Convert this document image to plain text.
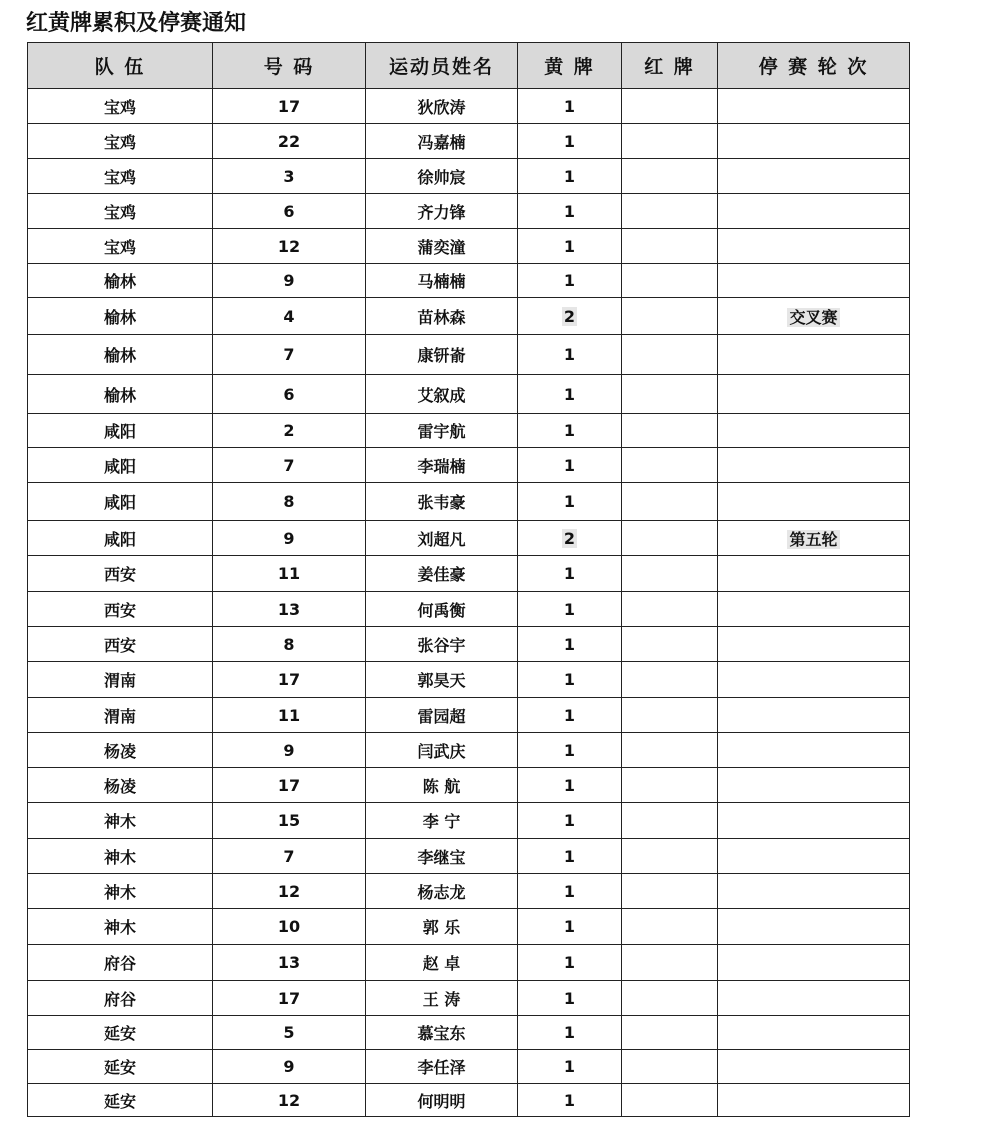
红黄牌累积及停赛通知
队 伍	号 码	运动员姓名	黄 牌	红 牌	停 赛 轮 次
宝鸡	17	狄欣涛	1		
宝鸡	22	冯嘉楠	1		
宝鸡	3	徐帅宸	1		
宝鸡	6	齐力锋	1		
宝鸡	12	蒲奕潼	1		
榆林	9	马楠楠	1		
榆林	4	苗林森	2		交叉赛
榆林	7	康钘嵛	1		
榆林	6	艾叙成	1		
咸阳	2	雷宇航	1		
咸阳	7	李瑞楠	1		
咸阳	8	张韦豪	1		
咸阳	9	刘超凡	2		第五轮
西安	11	姜佳豪	1		
西安	13	何禹衡	1		
西安	8	张谷宇	1		
渭南	17	郭昊天	1		
渭南	11	雷园超	1		
杨凌	9	闫武庆	1		
杨凌	17	陈 航	1		
神木	15	李 宁	1		
神木	7	李继宝	1		
神木	12	杨志龙	1		
神木	10	郭 乐	1		
府谷	13	赵 卓	1		
府谷	17	王 涛	1		
延安	5	慕宝东	1		
延安	9	李任泽	1		
延安	12	何明明	1		
